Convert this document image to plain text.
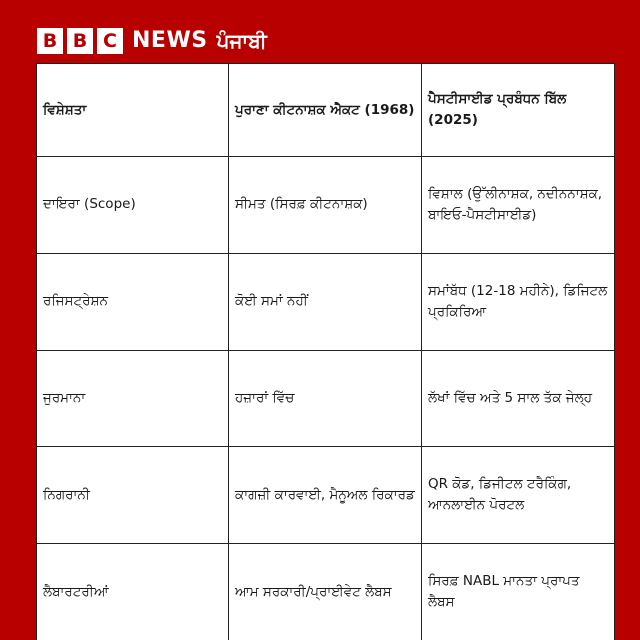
B B C NEWS ਪੰਜਾਬੀ
ਵਿਸ਼ੇਸ਼ਤਾ	ਪੁਰਾਣਾ ਕੀਟਨਾਸ਼ਕ ਐਕਟ (1968)	ਪੈਸਟੀਸਾਈਡ ਪ੍ਰਬੰਧਨ ਬਿੱਲ (2025)
ਦਾਇਰਾ (Scope)	ਸੀਮਤ (ਸਿਰਫ਼ ਕੀਟਨਾਸ਼ਕ)	ਵਿਸ਼ਾਲ (ਉੱਲੀਨਾਸ਼ਕ, ਨਦੀਨਨਾਸ਼ਕ, ਬਾਇਓ-ਪੈਸਟੀਸਾਈਡ)
ਰਜਿਸਟ੍ਰੇਸ਼ਨ	ਕੋਈ ਸਮਾਂ ਨਹੀਂ	ਸਮਾਂਬੱਧ (12-18 ਮਹੀਨੇ), ਡਿਜਿਟਲ ਪ੍ਰਕਿਰਿਆ
ਜੁਰਮਾਨਾ	ਹਜ਼ਾਰਾਂ ਵਿੱਚ	ਲੱਖਾਂ ਵਿੱਚ ਅਤੇ 5 ਸਾਲ ਤੱਕ ਜੇਲ੍ਹ
ਨਿਗਰਾਨੀ	ਕਾਗਜ਼ੀ ਕਾਰਵਾਈ, ਮੈਨੂਅਲ ਰਿਕਾਰਡ	QR ਕੋਡ, ਡਿਜੀਟਲ ਟਰੈਕਿੰਗ, ਆਨਲਾਈਨ ਪੋਰਟਲ
ਲੈਬਾਰਟਰੀਆਂ	ਆਮ ਸਰਕਾਰੀ/ਪ੍ਰਾਈਵੇਟ ਲੈਬਸ	ਸਿਰਫ਼ NABL ਮਾਨਤਾ ਪ੍ਰਾਪਤ ਲੈਬਸ
